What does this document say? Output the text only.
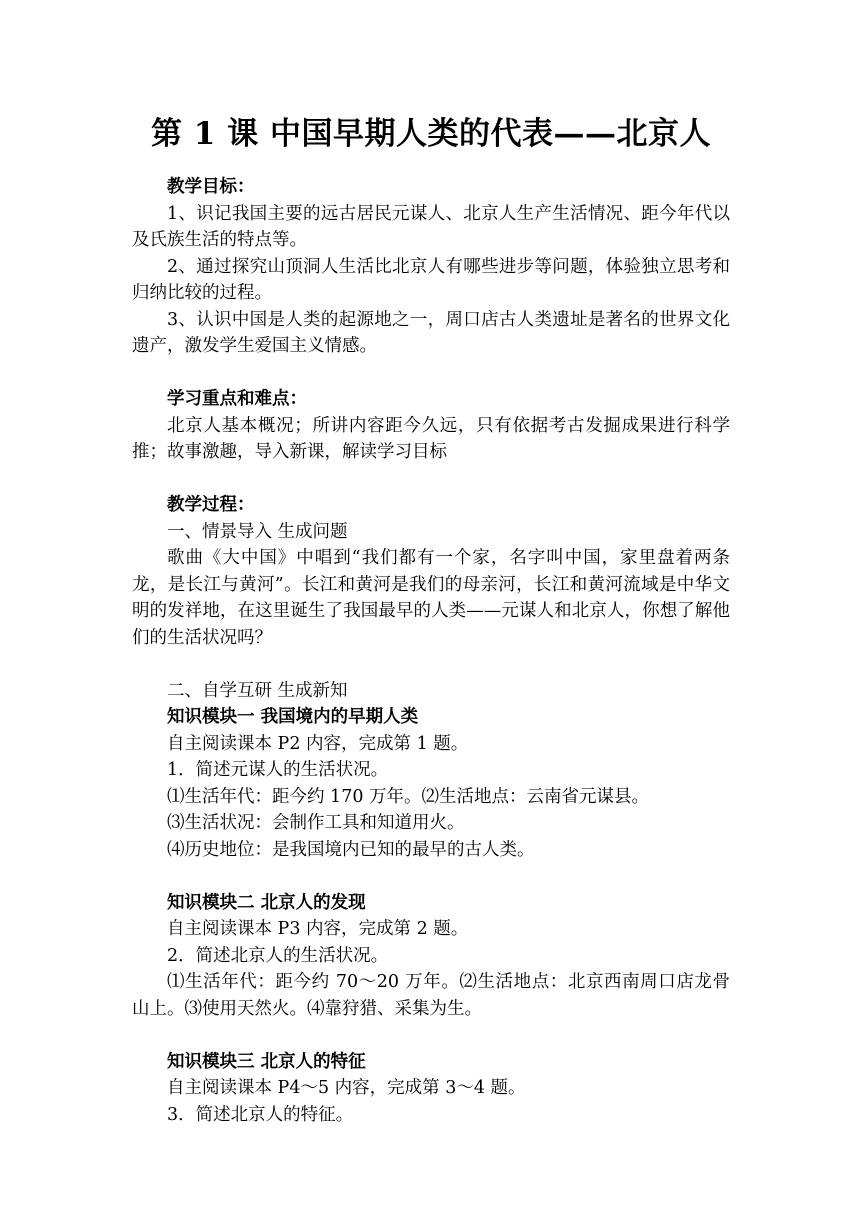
第 1 课 中国早期人类的代表——北京人

教学目标：

1、识记我国主要的远古居民元谋人、北京人生产生活情况、距今年代以及氏族生活的特点等。

2、通过探究山顶洞人生活比北京人有哪些进步等问题，体验独立思考和归纳比较的过程。

3、认识中国是人类的起源地之一，周口店古人类遗址是著名的世界文化遗产，激发学生爱国主义情感。

学习重点和难点：

北京人基本概况；所讲内容距今久远，只有依据考古发掘成果进行科学推；故事激趣，导入新课，解读学习目标

教学过程：

一、情景导入 生成问题

歌曲《大中国》中唱到“我们都有一个家，名字叫中国，家里盘着两条龙，是长江与黄河”。长江和黄河是我们的母亲河，长江和黄河流域是中华文明的发祥地，在这里诞生了我国最早的人类——元谋人和北京人，你想了解他们的生活状况吗？

二、自学互研 生成新知

知识模块一 我国境内的早期人类

自主阅读课本 P2 内容，完成第 1 题。

1．简述元谋人的生活状况。

⑴生活年代：距今约 170 万年。⑵生活地点：云南省元谋县。

⑶生活状况：会制作工具和知道用火。

⑷历史地位：是我国境内已知的最早的古人类。

知识模块二 北京人的发现

自主阅读课本 P3 内容，完成第 2 题。

2．简述北京人的生活状况。

⑴生活年代：距今约 70～20 万年。⑵生活地点：北京西南周口店龙骨山上。⑶使用天然火。⑷靠狩猎、采集为生。

知识模块三 北京人的特征

自主阅读课本 P4～5 内容，完成第 3～4 题。

3．简述北京人的特征。
